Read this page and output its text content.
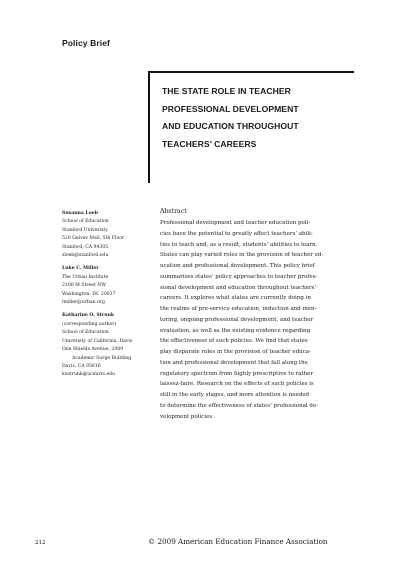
Policy Brief
THE STATE ROLE IN TEACHER
PROFESSIONAL DEVELOPMENT
AND EDUCATION THROUGHOUT
TEACHERS’ CAREERS
Susanna Loeb
School of Education
Stanford University
520 Galvez Mall, 5th Floor
Stanford, CA 94305
sloeb@stanford.edu
Luke C. Miller
The Urban Institute
2100 M Street NW
Washington, DC 20037
lmiller@urban.org
Katharine O. Strunk
(corresponding author)
School of Education
University of California, Davis
One Shields Avenue, 2089
Academic Surge Building
Davis, CA 95616
kostrunk@ucdavis.edu
Abstract
Professional development and teacher education poli-
cies have the potential to greatly affect teachers’ abili-
ties to teach and, as a result, students’ abilities to learn.
States can play varied roles in the provision of teacher ed-
ucation and professional development. This policy brief
summarizes states’ policy approaches to teacher profes-
sional development and education throughout teachers’
careers. It explores what states are currently doing in
the realms of pre-service education, induction and men-
toring, ongoing professional development, and teacher
evaluation, as well as the existing evidence regarding
the effectiveness of such policies. We find that states
play disparate roles in the provision of teacher educa-
tion and professional development that fall along the
regulatory spectrum from highly prescriptive to rather
laissez-faire. Research on the effects of such policies is
still in the early stages, and more attention is needed
to determine the effectiveness of states’ professional de-
velopment policies.
212	© 2009 American Education Finance Association
